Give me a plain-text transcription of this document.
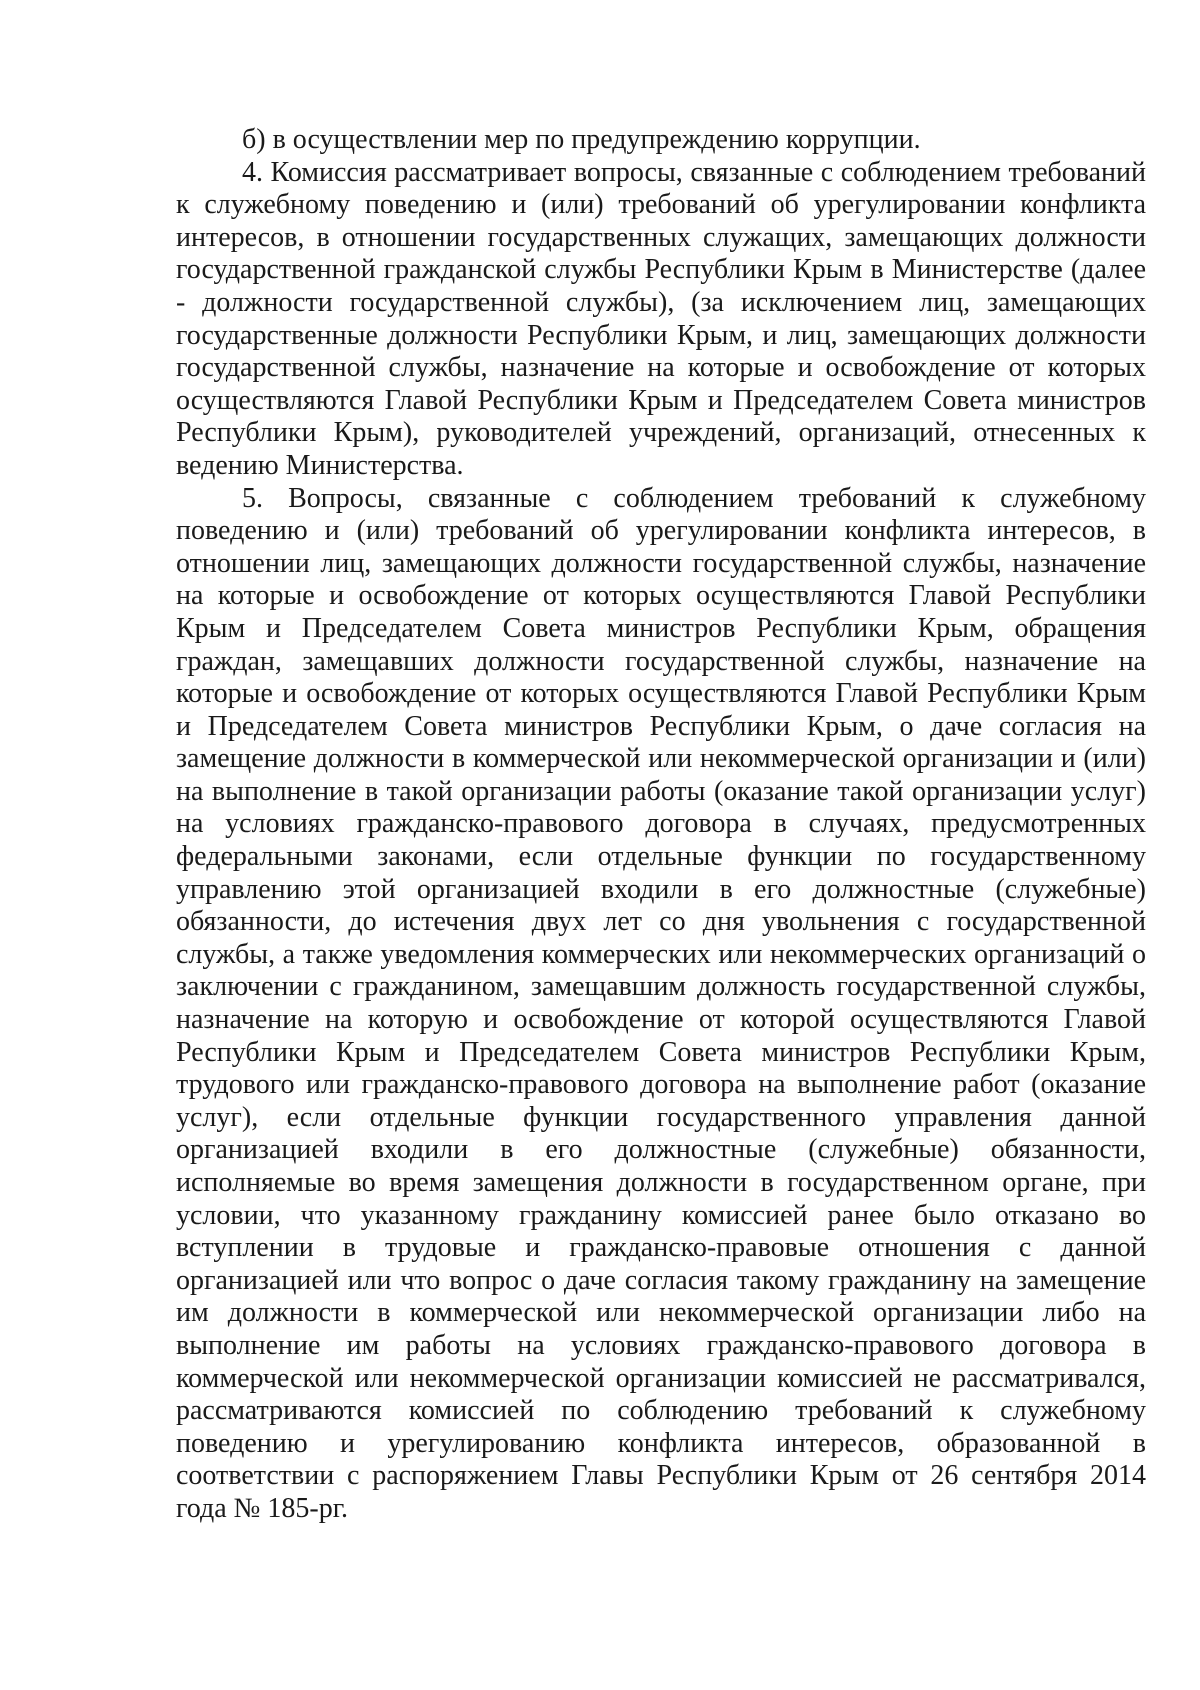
б) в осуществлении мер по предупреждению коррупции.

4. Комиссия рассматривает вопросы, связанные с соблюдением требований к служебному поведению и (или) требований об урегулировании конфликта интересов, в отношении государственных служащих, замещающих должности государственной гражданской службы Республики Крым в Министерстве (далее - должности государственной службы), (за исключением лиц, замещающих государственные должности Республики Крым, и лиц, замещающих должности государственной службы, назначение на которые и освобождение от которых осуществляются Главой Республики Крым и Председателем Совета министров Республики Крым), руководителей учреждений, организаций, отнесенных к ведению Министерства.

5. Вопросы, связанные с соблюдением требований к служебному поведению и (или) требований об урегулировании конфликта интересов, в отношении лиц, замещающих должности государственной службы, назначение на которые и освобождение от которых осуществляются Главой Республики Крым и Председателем Совета министров Республики Крым, обращения граждан, замещавших должности государственной службы, назначение на которые и освобождение от которых осуществляются Главой Республики Крым и Председателем Совета министров Республики Крым, о даче согласия на замещение должности в коммерческой или некоммерческой организации и (или) на выполнение в такой организации работы (оказание такой организации услуг) на условиях гражданско-правового договора в случаях, предусмотренных федеральными законами, если отдельные функции по государственному управлению этой организацией входили в его должностные (служебные) обязанности, до истечения двух лет со дня увольнения с государственной службы, а также уведомления коммерческих или некоммерческих организаций о заключении с гражданином, замещавшим должность государственной службы, назначение на которую и освобождение от которой осуществляются Главой Республики Крым и Председателем Совета министров Республики Крым, трудового или гражданско-правового договора на выполнение работ (оказание услуг), если отдельные функции государственного управления данной организацией входили в его должностные (служебные) обязанности, исполняемые во время замещения должности в государственном органе, при условии, что указанному гражданину комиссией ранее было отказано во вступлении в трудовые и гражданско-правовые отношения с данной организацией или что вопрос о даче согласия такому гражданину на замещение им должности в коммерческой или некоммерческой организации либо на выполнение им работы на условиях гражданско-правового договора в коммерческой или некоммерческой организации комиссией не рассматривался, рассматриваются комиссией по соблюдению требований к служебному поведению и урегулированию конфликта интересов, образованной в соответствии с распоряжением Главы Республики Крым от 26 сентября 2014 года № 185-рг.
